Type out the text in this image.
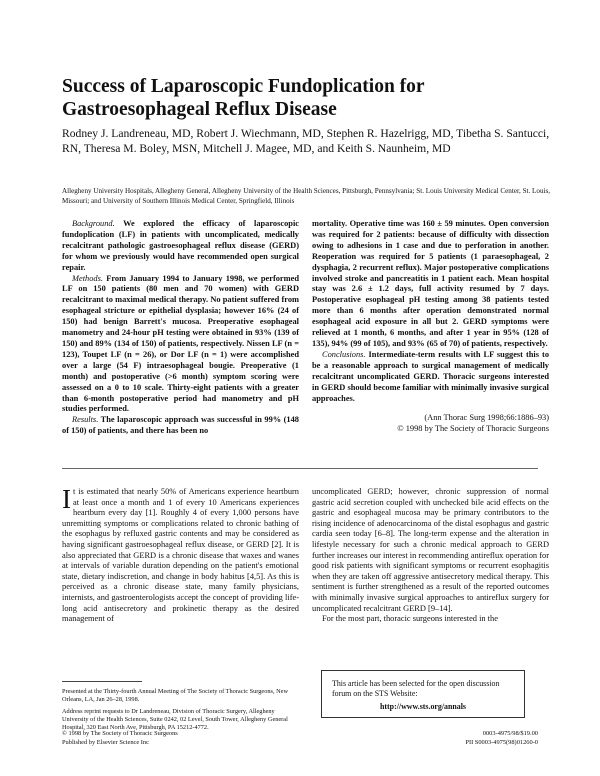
Success of Laparoscopic Fundoplication for Gastroesophageal Reflux Disease
Rodney J. Landreneau, MD, Robert J. Wiechmann, MD, Stephen R. Hazelrigg, MD, Tibetha S. Santucci, RN, Theresa M. Boley, MSN, Mitchell J. Magee, MD, and Keith S. Naunheim, MD
Allegheny University Hospitals, Allegheny General, Allegheny University of the Health Sciences, Pittsburgh, Pennsylvania; St. Louis University Medical Center, St. Louis, Missouri; and University of Southern Illinois Medical Center, Springfield, Illinois

Background. We explored the efficacy of laparoscopic fundoplication (LF) in patients with uncomplicated, medically recalcitrant pathologic gastroesophageal reflux disease (GERD) for whom we previously would have recommended open surgical repair.

Methods. From January 1994 to January 1998, we performed LF on 150 patients (80 men and 70 women) with GERD recalcitrant to maximal medical therapy. No patient suffered from esophageal stricture or epithelial dysplasia; however 16% (24 of 150) had benign Barrett's mucosa. Preoperative esophageal manometry and 24-hour pH testing were obtained in 93% (139 of 150) and 89% (134 of 150) of patients, respectively. Nissen LF (n = 123), Toupet LF (n = 26), or Dor LF (n = 1) were accomplished over a large (54 F) intraesophageal bougie. Preoperative (1 month) and postoperative (>6 month) symptom scoring were assessed on a 0 to 10 scale. Thirty-eight patients with a greater than 6-month postoperative period had manometry and pH studies performed.

Results. The laparoscopic approach was successful in 99% (148 of 150) of patients, and there has been no

mortality. Operative time was 160 ± 59 minutes. Open conversion was required for 2 patients: because of difficulty with dissection owing to adhesions in 1 case and due to perforation in another. Reoperation was required for 5 patients (1 paraesophageal, 2 dysphagia, 2 recurrent reflux). Major postoperative complications involved stroke and pancreatitis in 1 patient each. Mean hospital stay was 2.6 ± 1.2 days, full activity resumed by 7 days. Postoperative esophageal pH testing among 38 patients tested more than 6 months after operation demonstrated normal esophageal acid exposure in all but 2. GERD symptoms were relieved at 1 month, 6 months, and after 1 year in 95% (128 of 135), 94% (99 of 105), and 93% (65 of 70) of patients, respectively.

Conclusions. Intermediate-term results with LF suggest this to be a reasonable approach to surgical management of medically recalcitrant uncomplicated GERD. Thoracic surgeons interested in GERD should become familiar with minimally invasive surgical approaches.

(Ann Thorac Surg 1998;66:1886–93)
© 1998 by The Society of Thoracic Surgeons

It is estimated that nearly 50% of Americans experience heartburn at least once a month and 1 of every 10 Americans experiences heartburn every day [1]. Roughly 4 of every 1,000 persons have unremitting symptoms or complications related to chronic bathing of the esophagus by refluxed gastric contents and may be considered as having significant gastroesophageal reflux disease, or GERD [2]. It is also appreciated that GERD is a chronic disease that waxes and wanes at intervals of variable duration depending on the patient's emotional state, dietary indiscretion, and change in body habitus [4,5]. As this is perceived as a chronic disease state, many family physicians, internists, and gastroenterologists accept the concept of providing life-long acid antisecretory and prokinetic therapy as the desired management of

uncomplicated GERD; however, chronic suppression of normal gastric acid secretion coupled with unchecked bile acid effects on the gastric and esophageal mucosa may be primary contributors to the rising incidence of adenocarcinoma of the distal esophagus and gastric cardia seen today [6–8]. The long-term expense and the alteration in lifestyle necessary for such a chronic medical approach to GERD further increases our interest in recommending antireflux operation for good risk patients with significant symptoms or recurrent esophagitis when they are taken off aggressive antisecretory medical therapy. This sentiment is further strengthened as a result of the reported outcomes with minimally invasive surgical approaches to antireflux surgery for uncomplicated recalcitrant GERD [9–14].

For the most part, thoracic surgeons interested in the

Presented at the Thirty-fourth Annual Meeting of The Society of Thoracic Surgeons, New Orleans, LA, Jan 26–28, 1998.

Address reprint requests to Dr Landreneau, Division of Thoracic Surgery, Allegheny University of the Health Sciences, Suite 0242, 02 Level, South Tower, Allegheny General Hospital, 320 East North Ave, Pittsburgh, PA 15212-4772.

This article has been selected for the open discussion forum on the STS Website:
http://www.sts.org/annals
© 1998 by The Society of Thoracic Surgeons
Published by Elsevier Science Inc
0003-4975/98/$19.00
PII S0003-4975(98)01260-0
